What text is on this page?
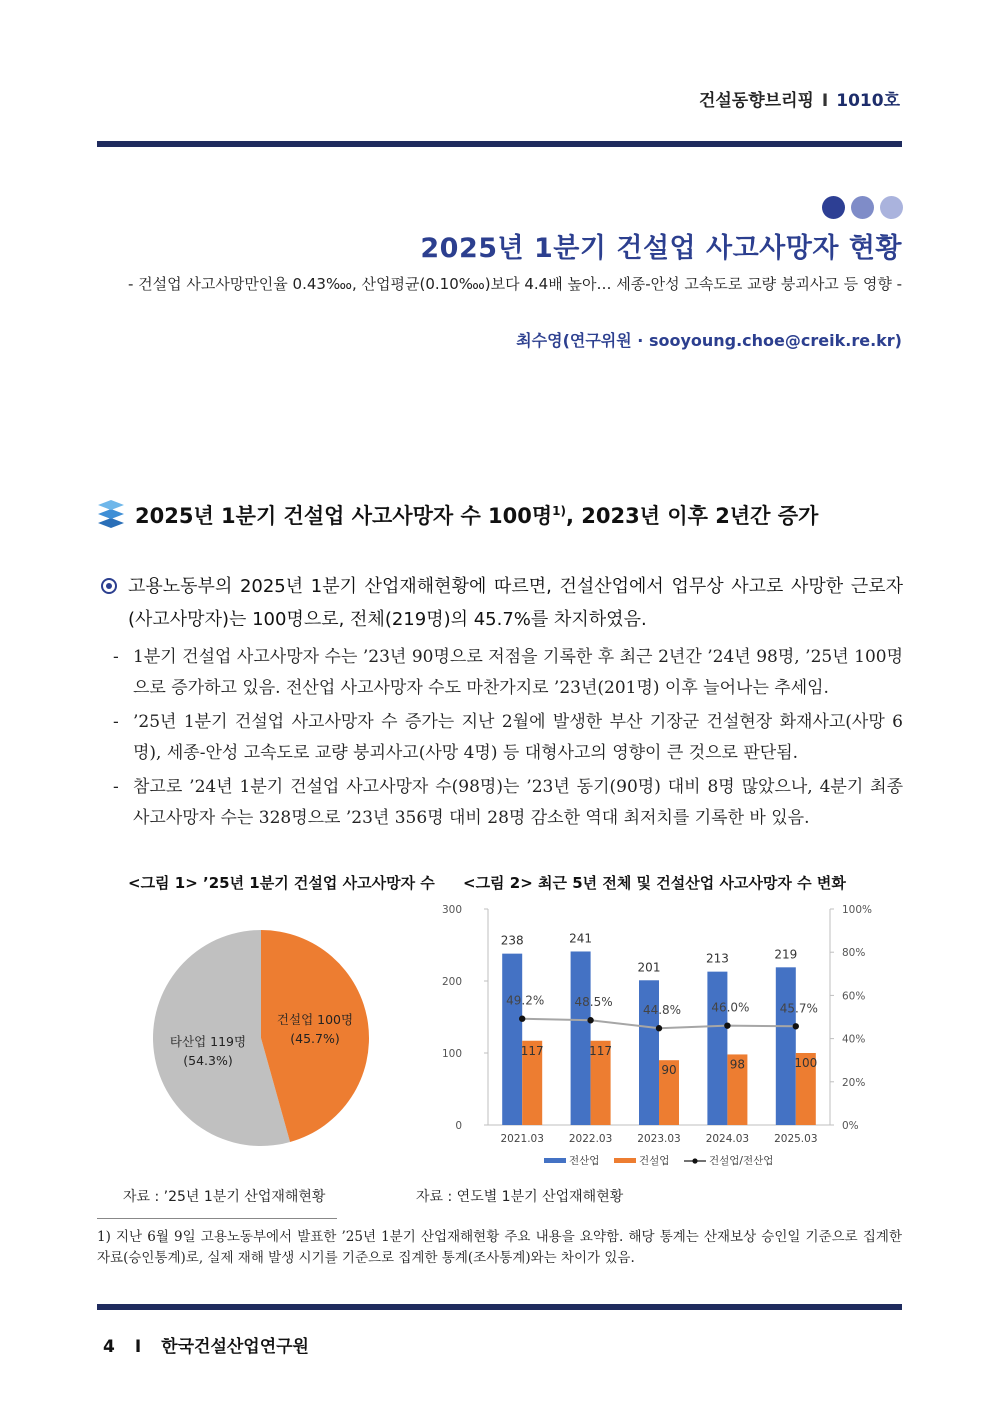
건설동향브리핑 I 1010호
2025년 1분기 건설업 사고사망자 현황
- 건설업 사고사망만인율 0.43‱, 산업평균(0.10‱)보다 4.4배 높아… 세종-안성 고속도로 교량 붕괴사고 등 영향 -
최수영(연구위원 · sooyoung.choe@creik.re.kr)
2025년 1분기 건설업 사고사망자 수 100명$^{1)}$, 2023년 이후 2년간 증가
고용노동부의 2025년 1분기 산업재해현황에 따르면, 건설산업에서 업무상 사고로 사망한 근로자(사고사망자)는 100명으로, 전체(219명)의 45.7%를 차지하였음.
- 1분기 건설업 사고사망자 수는 ’23년 90명으로 저점을 기록한 후 최근 2년간 ’24년 98명, ’25년 100명으로 증가하고 있음. 전산업 사고사망자 수도 마찬가지로 ’23년(201명) 이후 늘어나는 추세임.
- ’25년 1분기 건설업 사고사망자 수 증가는 지난 2월에 발생한 부산 기장군 건설현장 화재사고(사망 6명), 세종-안성 고속도로 교량 붕괴사고(사망 4명) 등 대형사고의 영향이 큰 것으로 판단됨.
- 참고로 ’24년 1분기 건설업 사고사망자 수(98명)는 ’23년 동기(90명) 대비 8명 많았으나, 4분기 최종 사고사망자 수는 328명으로 ’23년 356명 대비 28명 감소한 역대 최저치를 기록한 바 있음.
<그림 1> ’25년 1분기 건설업 사고사망자 수
건설업 100명
(45.7%)
타산업 119명
(54.3%)
자료 : ’25년 1분기 산업재해현황
<그림 2> 최근 5년 전체 및 건설산업 사고사망자 수 변화
0
100
200
300
0%
20%
40%
60%
80%
100%
238
117
2021.03
241
117
2022.03
201
90
2023.03
213
98
2024.03
219
100
2025.03
49.2%	48.5%
44.8%	46.0%	45.7%
전산업	건설업	건설업/전산업
자료 : 연도별 1분기 산업재해현황
1) 지난 6월 9일 고용노동부에서 발표한 ’25년 1분기 산업재해현황 주요 내용을 요약함. 해당 통계는 산재보상 승인일 기준으로 집계한 자료(승인통계)로, 실제 재해 발생 시기를 기준으로 집계한 통계(조사통계)와는 차이가 있음.
4 I 한국건설산업연구원
